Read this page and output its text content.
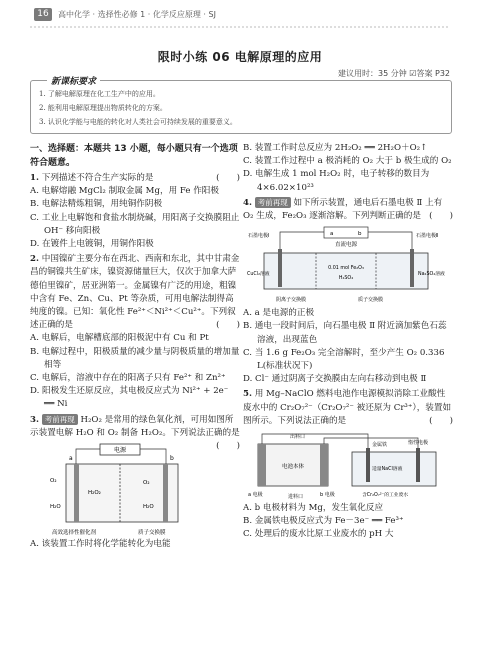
16	高中化学 · 选择性必修 1 · 化学反应原理 · SJ
限时小练 06 电解原理的应用
建议用时：35 分钟 ☑答案 P32
新课标要求
1. 了解电解原理在化工生产中的应用。
2. 能利用电解原理提出物质转化的方案。
3. 认识化学能与电能的转化对人类社会可持续发展的重要意义。
一、选择题：本题共 13 小题，每小题只有一个选项符合题意。
1. 下列描述不符合生产实际的是	(　　)
A. 电解熔融 MgCl₂ 制取金属 Mg，用 Fe 作阳极
B. 电解法精炼粗铜，用纯铜作阴极
C. 工业上电解饱和食盐水制烧碱，用阳离子交换膜阻止 OH⁻ 移向阳极
D. 在镀件上电镀铜，用铜作阳极
2. 中国镍矿主要分布在西北、西南和东北，其中甘肃金昌的铜镍共生矿床，镍资源储量巨大，仅次于加拿大萨德伯里镍矿，居亚洲第一。金属镍有广泛的用途，粗镍中含有 Fe、Zn、Cu、Pt 等杂质，可用电解法制得高纯度的镍。已知：氧化性 Fe²⁺＜Ni²⁺＜Cu²⁺。下列叙述正确的是	(　　)
A. 电解后，电解槽底部的阳极泥中有 Cu 和 Pt
B. 电解过程中，阳极质量的减少量与阴极质量的增加量相等
C. 电解后，溶液中存在的阳离子只有 Fe²⁺ 和 Zn²⁺
D. 阳极发生还原反应，其电极反应式为 Ni²⁺ + 2e⁻ ══ Ni
3. 考前再现 H₂O₂ 是常用的绿色氧化剂，可用如图所示装置电解 H₂O 和 O₂ 制备 H₂O₂。下列说法正确的是
(　　)
电源
a	b
O₂
H₂O
H₂O₂
O₂
H₂O
高效选择性催化剂	质子交换膜
A. 该装置工作时将化学能转化为电能
B. 装置工作时总反应为 2H₂O₂ ══ 2H₂O＋O₂↑
C. 装置工作过程中 a 极消耗的 O₂ 大于 b 极生成的 O₂
D. 电解生成 1 mol H₂O₂ 时，电子转移的数目为 4×6.02×10²³
4. 考前再现 如下所示装置，通电后石墨电极 Ⅱ 上有 O₂ 生成，Fe₂O₃ 逐渐溶解。下列判断正确的是 (　　)
a	b
直流电源
石墨电极Ⅰ	石墨电极Ⅱ
CuCl₂溶液
0.01 mol Fe₂O₃
H₂SO₄
Na₂SO₄溶液
阴离子交换膜	质子交换膜
A. a 是电源的正极
B. 通电一段时间后，向石墨电极 Ⅱ 附近滴加紫色石蕊溶液，出现蓝色
C. 当 1.6 g Fe₂O₃ 完全溶解时，至少产生 O₂ 0.336 L(标准状况下)
D. Cl⁻ 通过阴离子交换膜由左向右移动到电极 Ⅱ
5. 用 Mg–NaClO 燃料电池作电源模拟消除工业酸性废水中的 Cr₂O₇²⁻（Cr₂O₇²⁻ 被还原为 Cr³⁺），装置如图所示。下列说法正确的是	(　　)
电池本体
出料口
进料口
a 电极	b 电极
金属铁	惰性电极
适量NaCl溶液
含Cr₂O₇²⁻的工业废水
A. b 电极材料为 Mg，发生氧化反应
B. 金属铁电极反应式为 Fe－3e⁻ ══ Fe³⁺
C. 处理后的废水比原工业废水的 pH 大
